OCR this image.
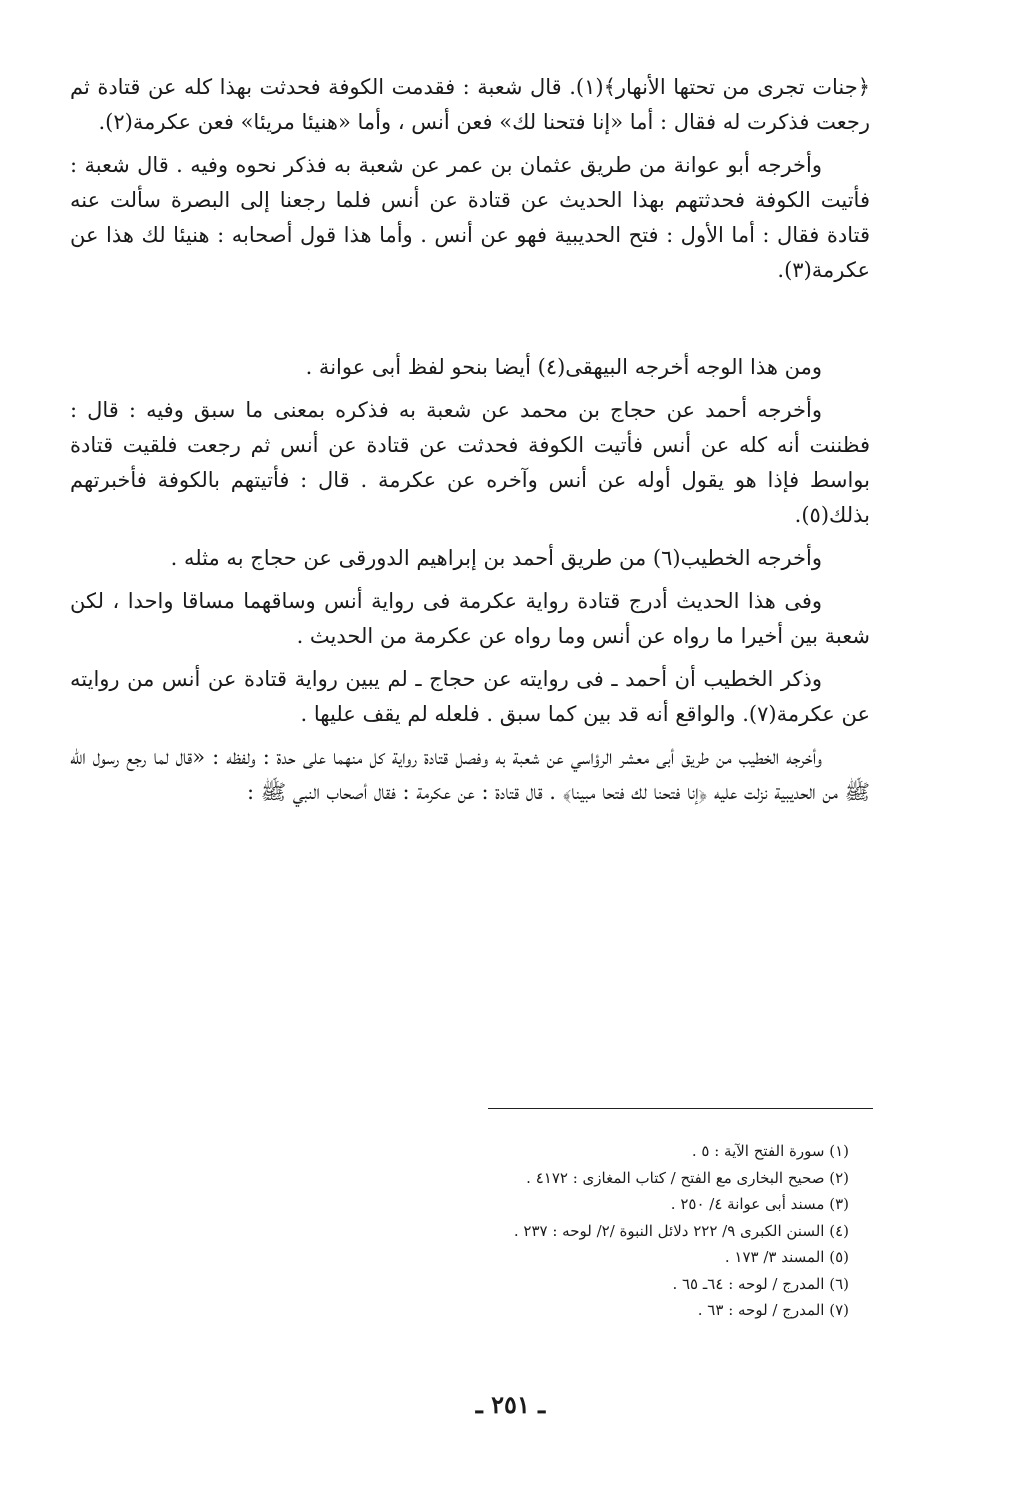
﴿جنات تجرى من تحتها الأنهار﴾(١). قال شعبة : فقدمت الكوفة فحدثت بهذا كله عن قتادة ثم رجعت فذكرت له فقال : أما «إنا فتحنا لك» فعن أنس ، وأما «هنيئا مريئا» فعن عكرمة(٢).

وأخرجه أبو عوانة من طريق عثمان بن عمر عن شعبة به فذكر نحوه وفيه . قال شعبة : فأتيت الكوفة فحدثتهم بهذا الحديث عن قتادة عن أنس فلما رجعنا إلى البصرة سألت عنه قتادة فقال : أما الأول : فتح الحديبية فهو عن أنس . وأما هذا قول أصحابه : هنيئا لك هذا عن عكرمة(٣).

ومن هذا الوجه أخرجه البيهقى(٤) أيضا بنحو لفظ أبى عوانة .

وأخرجه أحمد عن حجاج بن محمد عن شعبة به فذكره بمعنى ما سبق وفيه : قال : فظننت أنه كله عن أنس فأتيت الكوفة فحدثت عن قتادة عن أنس ثم رجعت فلقيت قتادة بواسط فإذا هو يقول أوله عن أنس وآخره عن عكرمة . قال : فأتيتهم بالكوفة فأخبرتهم بذلك(٥).

وأخرجه الخطيب(٦) من طريق أحمد بن إبراهيم الدورقى عن حجاج به مثله .

وفى هذا الحديث أدرج قتادة رواية عكرمة فى رواية أنس وساقهما مساقا واحدا ، لكن شعبة بين أخيرا ما رواه عن أنس وما رواه عن عكرمة من الحديث .

وذكر الخطيب أن أحمد ـ فى روايته عن حجاج ـ لم يبين رواية قتادة عن أنس من روايته عن عكرمة(٧). والواقع أنه قد بين كما سبق . فلعله لم يقف عليها .

وأخرجه الخطيب من طريق أبى معشر الرؤاسي عن شعبة به وفصل قتادة رواية كل منهما على حدة : ولفظه : «قال لما رجع رسول الله ﷺ من الحديبية نزلت عليه ﴿إنا فتحنا لك فتحا مبينا﴾ . قال قتادة : عن عكرمة : فقال أصحاب النبي ﷺ :

(١) سورة الفتح الآية : ٥ .

(٢) صحيح البخارى مع الفتح / كتاب المغازى : ٤١٧٢ .

(٣) مسند أبى عوانة ٤/ ٢٥٠ .

(٤) السنن الكبرى ٩/ ٢٢٢ دلائل النبوة /٢/ لوحه : ٢٣٧ .

(٥) المسند ٣/ ١٧٣ .

(٦) المدرج / لوحه : ٦٤ـ ٦٥ .

(٧) المدرج / لوحه : ٦٣ .

ـ ٢٥١ ـ
